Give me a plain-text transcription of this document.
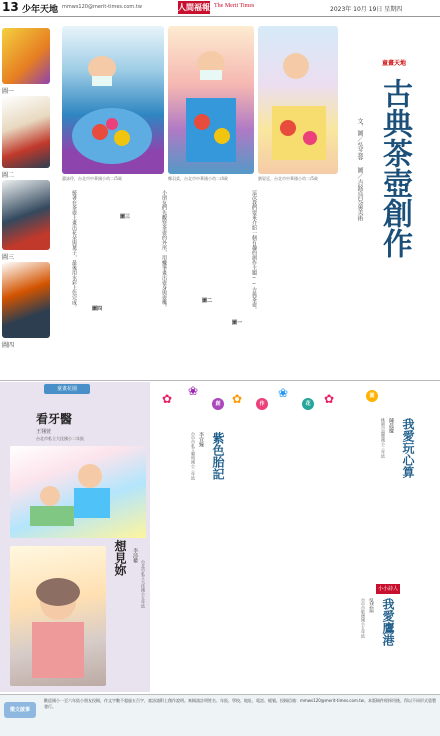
13 少年天地 mmws120@merit-times.com.tw	人間福報 The Merit Times	2023年 10月 19日 星期四
圖一
圖二
圖三
圖四
蕭詠伶，台北市中華國小幼二/5歲	鄭羽柔，台北市中華國小幼二/4歲	劉晏廷，台北市中華國小幼二/5歲
童畫天地
古典茶壺創作
文、圖／吳芝蓉 圖／吉銘鳥兒童美術
這次我們要來介紹一個有趣的創作主題──古典茶壺。
小朋友們先觀察茶壺的外形，用蠟筆畫出壺身與壺嘴。
接著在茶壺上畫出花朵與葉子，最後用水彩上色完成。
圖一
圖二
圖三
圖四
童畫花園
看牙醫
王翎萱
台北市私立大佳國小二年級
想見妳	李沛縈
台北市私立大佳國小五年級
✿
❀
創 ✿	作
❀
花 ✿	園
紫色胎記
李宜臻
台中市私立曉明國小三年級	我愛玩心算
陳晨慶
桃園市福豐國小三年級
小小詩人
我愛鷹港
吳芸瑄
台中市敬德國小五年級
徵文啟事
歡迎國小一至六年級小朋友投稿，作文字數不超過五百字，童詩請附上創作說明。來稿請註明姓名、年級、學校、地址、電話、帳號。投稿信箱：mmws120@merit-times.com.tw。本版稿件經採用後，得以不同形式重製發行。
